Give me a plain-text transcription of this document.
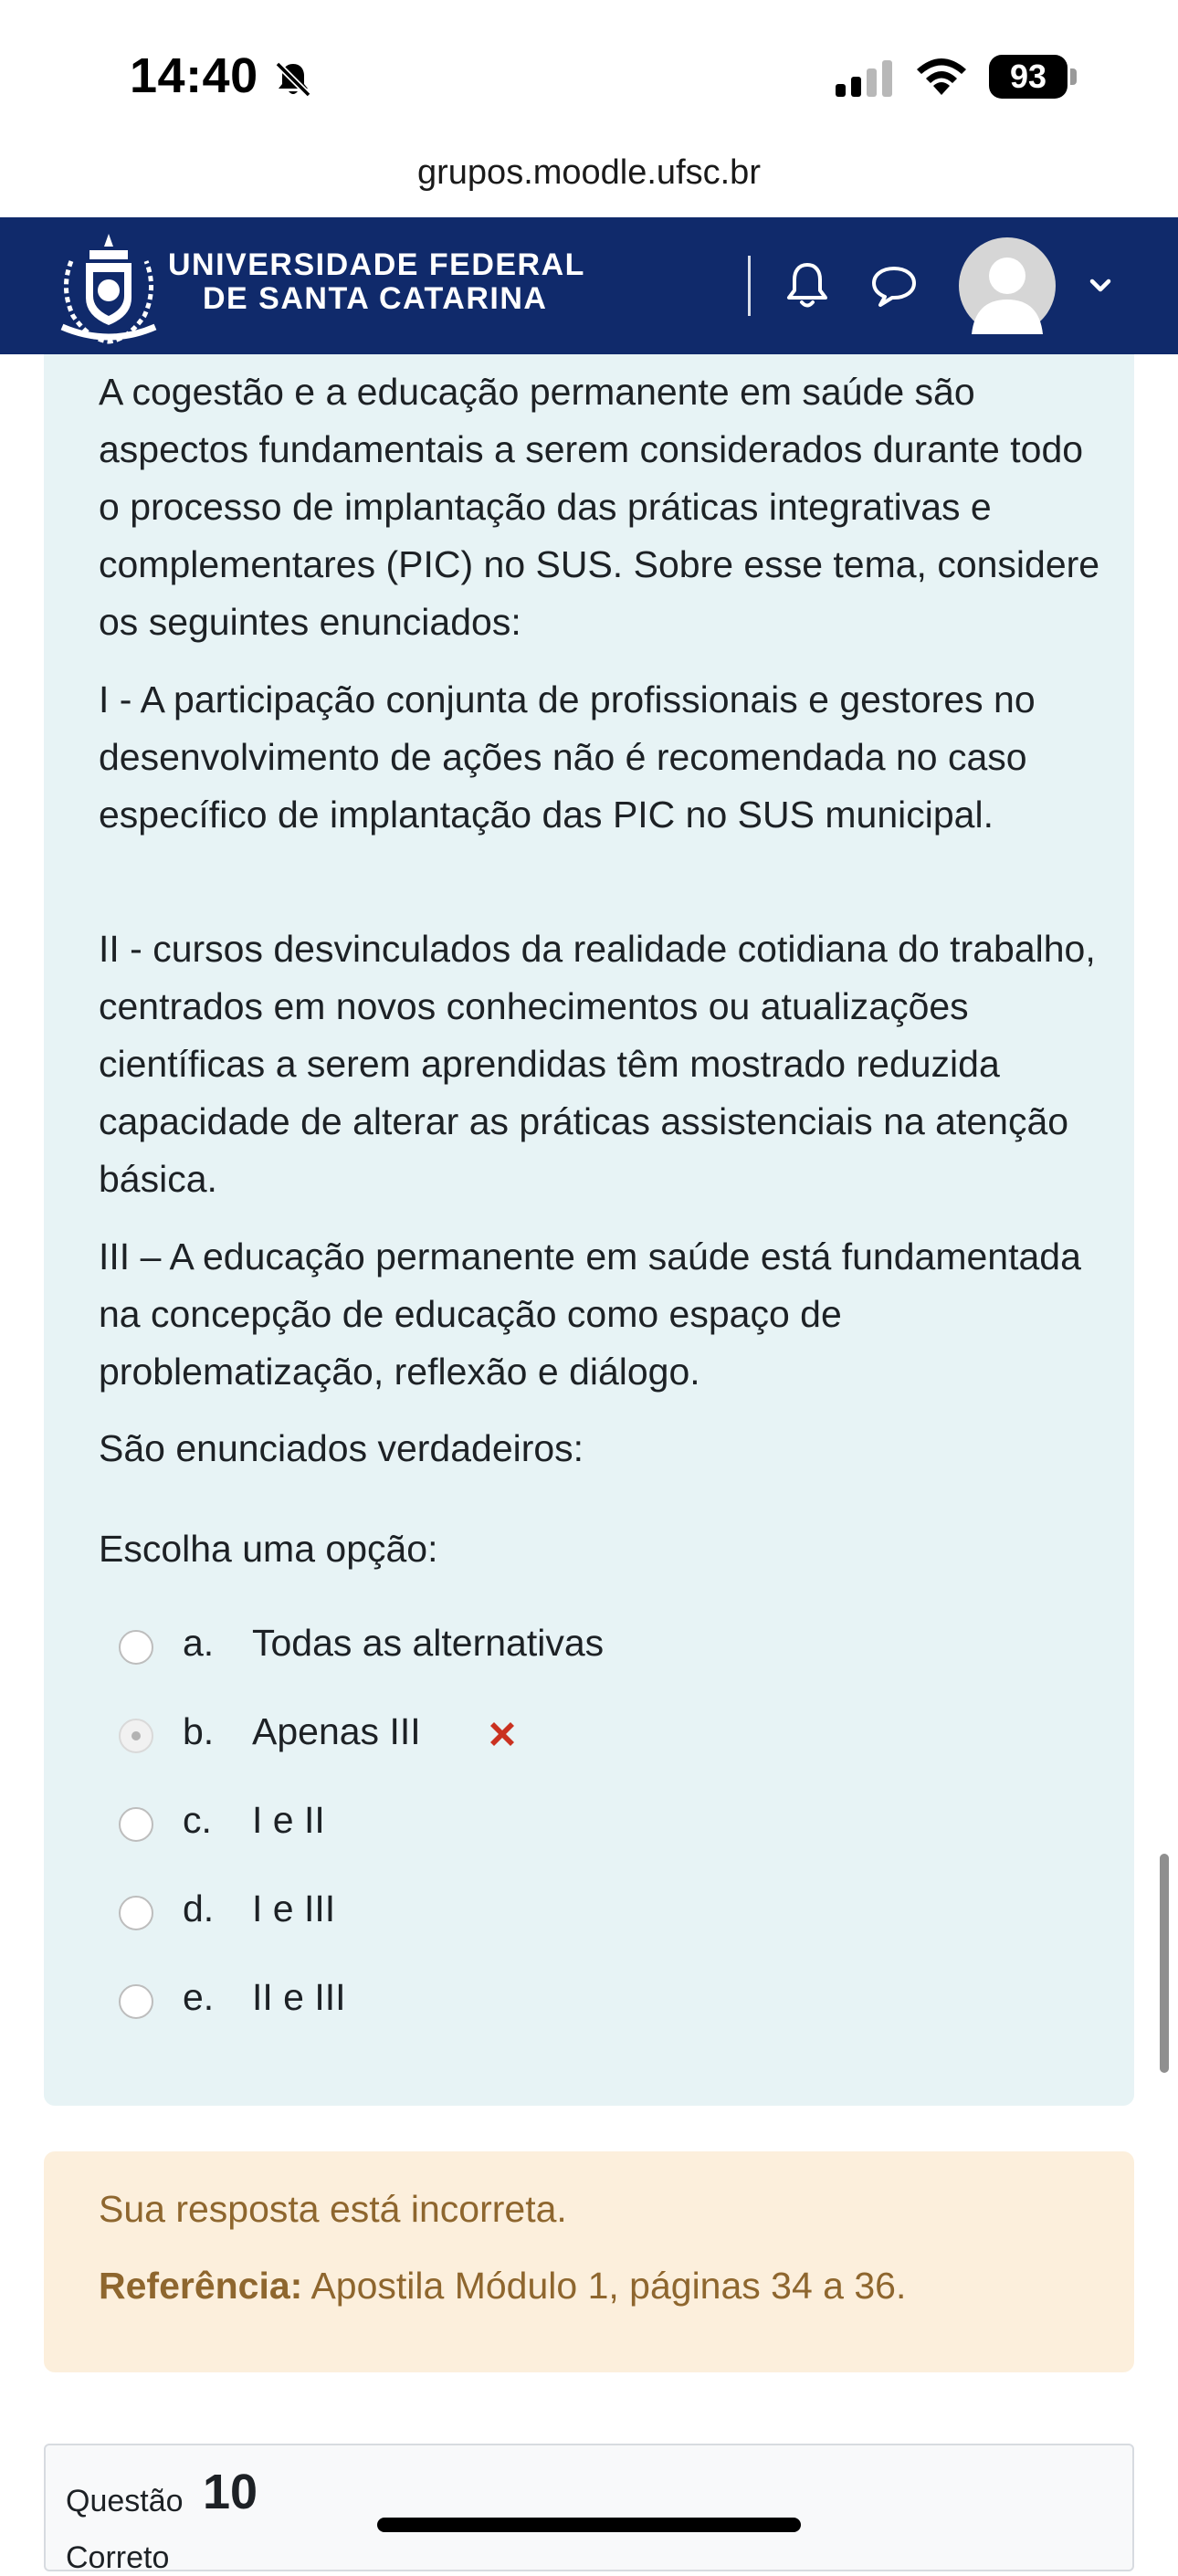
14:40	93
grupos.moodle.ufsc.br
UNIVERSIDADE FEDERAL
DE SANTA CATARINA

A cogestão e a educação permanente em saúde são aspectos fundamentais a serem considerados durante todo o processo de implantação das práticas integrativas e complementares (PIC) no SUS. Sobre esse tema, considere os seguintes enunciados:

I - A participação conjunta de profissionais e gestores no desenvolvimento de ações não é recomendada no caso específico de implantação das PIC no SUS municipal.

II - cursos desvinculados da realidade cotidiana do trabalho, centrados em novos conhecimentos ou atualizações científicas a serem aprendidas têm mostrado reduzida capacidade de alterar as práticas assistenciais na atenção básica.

III – A educação permanente em saúde está fundamentada na concepção de educação como espaço de problematização, reflexão e diálogo.

São enunciados verdadeiros:

Escolha uma opção:
a. Todas as alternativas
b. Apenas III
c. I e II
d. I e III
e. II e III
Sua resposta está incorreta.
Referência: Apostila Módulo 1, páginas 34 a 36.
Questão 10
Correto
